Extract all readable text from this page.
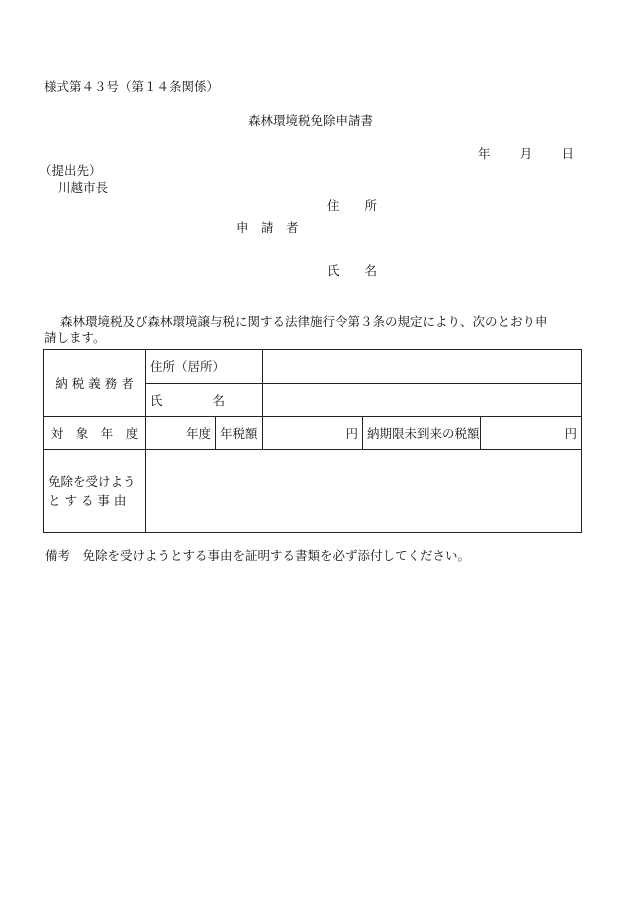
様式第４３号（第１４条関係）
森林環境税免除申請書
年 月 日
（提出先）
川越市長
住　　所
申　請　者
氏　　名
森林環境税及び森林環境譲与税に関する法律施行令第３条の規定により、次のとおり申
請します。
納 税 義 務 者	住所（居所）				
	氏　　　　名				
対　象　年　度	年度	年税額	円	納期限未到来の税額	円

免除を受けよう
と す る 事 由					

備考　免除を受けようとする事由を証明する書類を必ず添付してください。
